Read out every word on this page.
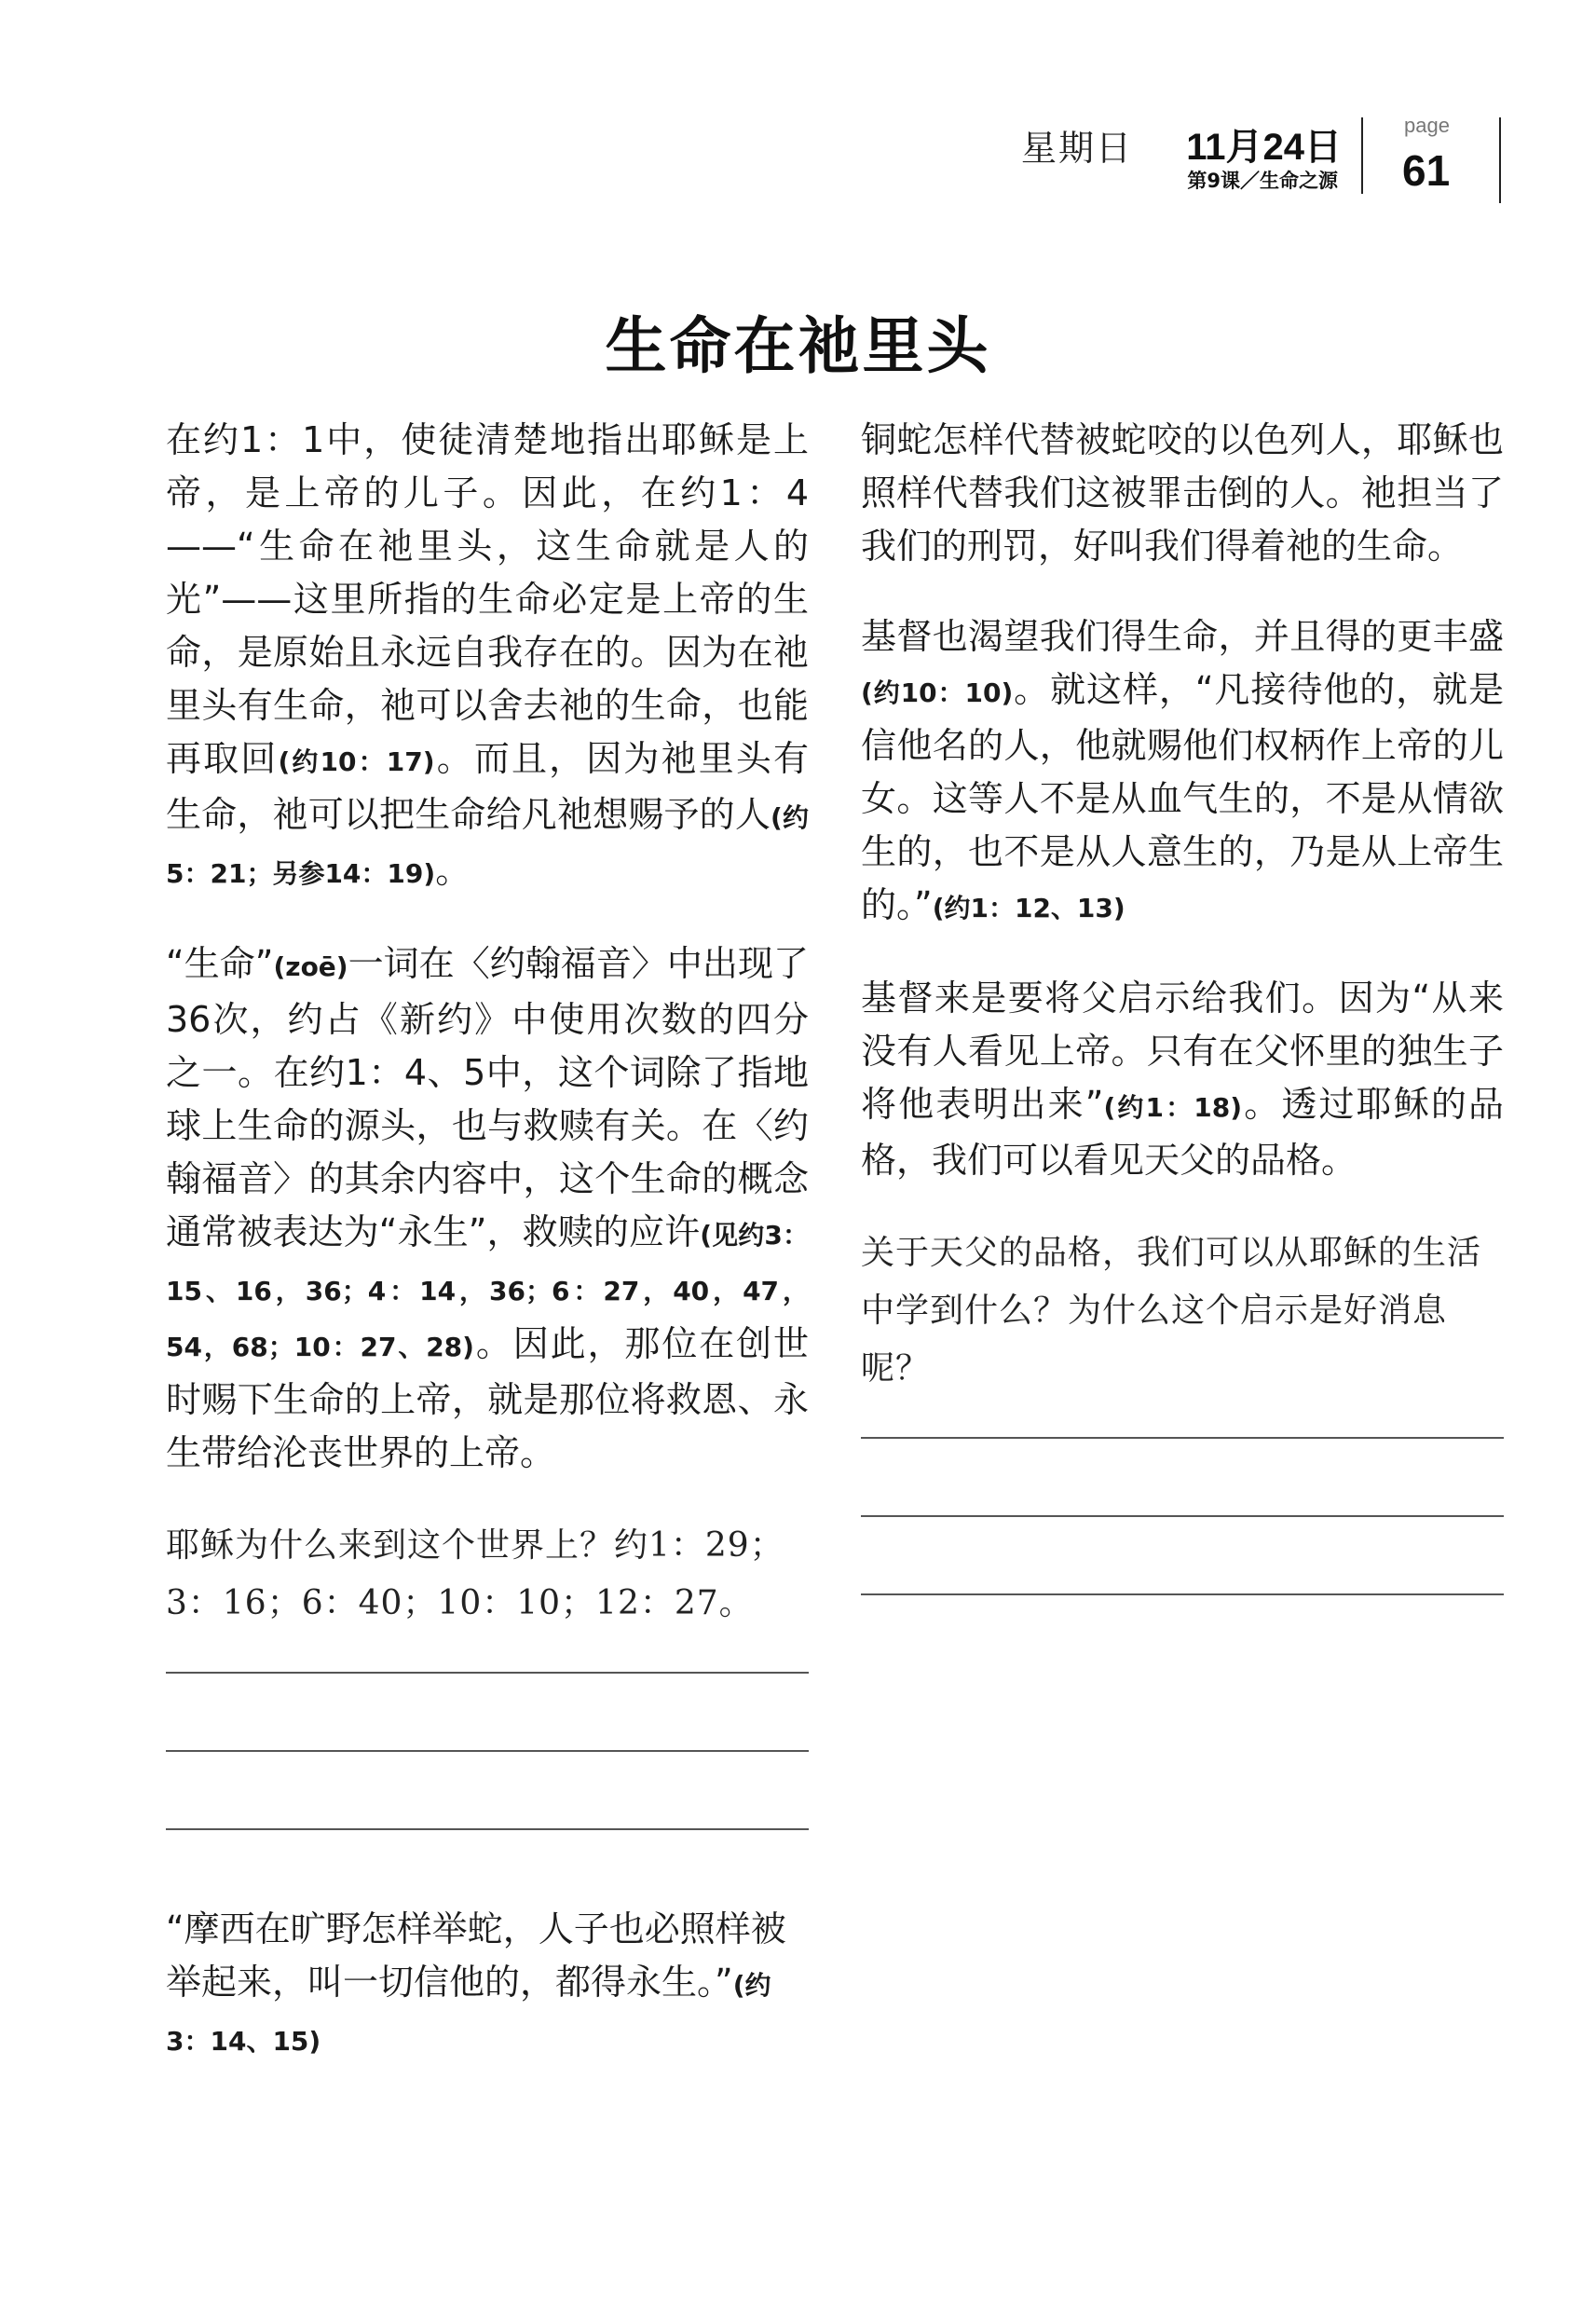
星期日 11月24日
第9课／生命之源
page
61
生命在祂里头

在约1：1中，使徒清楚地指出耶稣是上帝，是上帝的儿子。因此，在约1：4——“生命在祂里头，这生命就是人的光”——这里所指的生命必定是上帝的生命，是原始且永远自我存在的。因为在祂里头有生命，祂可以舍去祂的生命，也能再取回(约10：17)。而且，因为祂里头有生命，祂可以把生命给凡祂想赐予的人(约5：21；另参14：19)。

“生命”(zoē)一词在〈约翰福音〉中出现了36次，约占《新约》中使用次数的四分之一。在约1：4、5中，这个词除了指地球上生命的源头，也与救赎有关。在〈约翰福音〉的其余内容中，这个生命的概念通常被表达为“永生”，救赎的应许(见约3：15、16，36；4：14，36；6：27，40，47，54，68；10：27、28)。因此，那位在创世时赐下生命的上帝，就是那位将救恩、永生带给沦丧世界的上帝。

耶稣为什么来到这个世界上？约1：29；3：16；6：40；10：10；12：27。

“摩西在旷野怎样举蛇，人子也必照样被举起来，叫一切信他的，都得永生。”(约3：14、15)

铜蛇怎样代替被蛇咬的以色列人，耶稣也照样代替我们这被罪击倒的人。祂担当了我们的刑罚，好叫我们得着祂的生命。

基督也渴望我们得生命，并且得的更丰盛(约10：10)。就这样，“凡接待他的，就是信他名的人，他就赐他们权柄作上帝的儿女。这等人不是从血气生的，不是从情欲生的，也不是从人意生的，乃是从上帝生的。”(约1：12、13)

基督来是要将父启示给我们。因为“从来没有人看见上帝。只有在父怀里的独生子将他表明出来”(约1：18)。透过耶稣的品格，我们可以看见天父的品格。

关于天父的品格，我们可以从耶稣的生活中学到什么？为什么这个启示是好消息呢？
